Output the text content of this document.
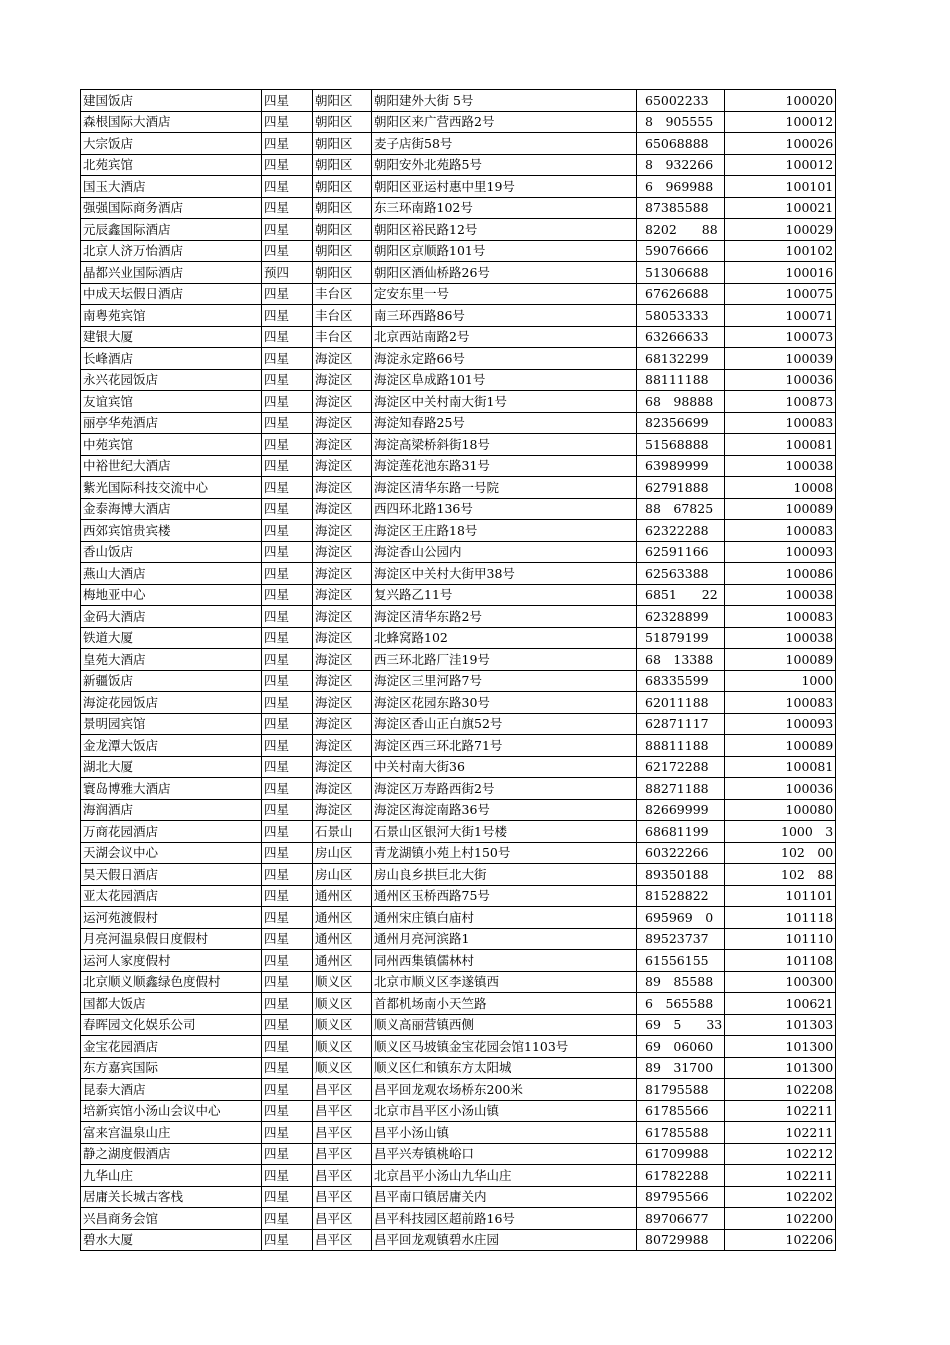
建国饭店	四星	朝阳区	朝阳建外大街 5号	65002233		100020
森根国际大酒店	四星	朝阳区	朝阳区来广营西路2号	8　905555		100012
大宗饭店	四星	朝阳区	麦子店街58号	65068888		100026
北苑宾馆	四星	朝阳区	朝阳安外北苑路5号	8　932266		100012
国玉大酒店	四星	朝阳区	朝阳区亚运村惠中里19号	6　969988		100101
强强国际商务酒店	四星	朝阳区	东三环南路102号	87385588		100021
元辰鑫国际酒店	四星	朝阳区	朝阳区裕民路12号	8202　　88		100029
北京人济万怡酒店	四星	朝阳区	朝阳区京顺路101号	59076666		100102
晶都兴业国际酒店	预四	朝阳区	朝阳区酒仙桥路26号	51306688		100016
中成天坛假日酒店	四星	丰台区	定安东里一号	67626688		100075
南粤苑宾馆	四星	丰台区	南三环西路86号	58053333		100071
建银大厦	四星	丰台区	北京西站南路2号	63266633		100073
长峰酒店	四星	海淀区	海淀永定路66号	68132299		100039
永兴花园饭店	四星	海淀区	海淀区阜成路101号	88111188		100036
友谊宾馆	四星	海淀区	海淀区中关村南大街1号	68　98888		100873
丽亭华苑酒店	四星	海淀区	海淀知春路25号	82356699		100083
中苑宾馆	四星	海淀区	海淀高梁桥斜街18号	51568888		100081
中裕世纪大酒店	四星	海淀区	海淀莲花池东路31号	63989999		100038
紫光国际科技交流中心	四星	海淀区	海淀区清华东路一号院	62791888		10008
金泰海博大酒店	四星	海淀区	西四环北路136号	88　67825		100089
西郊宾馆贵宾楼	四星	海淀区	海淀区王庄路18号	62322288		100083
香山饭店	四星	海淀区	海淀香山公园内	62591166		100093
燕山大酒店	四星	海淀区	海淀区中关村大街甲38号	62563388		100086
梅地亚中心	四星	海淀区	复兴路乙11号	6851　　22		100038
金码大酒店	四星	海淀区	海淀区清华东路2号	62328899		100083
铁道大厦	四星	海淀区	北蜂窝路102	51879199		100038
皇苑大酒店	四星	海淀区	西三环北路厂洼19号	68　13388		100089
新疆饭店	四星	海淀区	海淀区三里河路7号	68335599		1000
海淀花园饭店	四星	海淀区	海淀区花园东路30号	62011188		100083
景明园宾馆	四星	海淀区	海淀区香山正白旗52号	62871117		100093
金龙潭大饭店	四星	海淀区	海淀区西三环北路71号	88811188		100089
湖北大厦	四星	海淀区	中关村南大街36	62172288		100081
寰岛博雅大酒店	四星	海淀区	海淀区万寿路西街2号	88271188		100036
海润酒店	四星	海淀区	海淀区海淀南路36号	82669999		100080
万商花园酒店	四星	石景山	石景山区银河大街1号楼	68681199		1000　3
天湖会议中心	四星	房山区	青龙湖镇小苑上村150号	60322266		102　00
昊天假日酒店	四星	房山区	房山良乡拱巨北大街	89350188		102　88
亚太花园酒店	四星	通州区	通州区玉桥西路75号	81528822		101101
运河苑渡假村	四星	通州区	通州宋庄镇白庙村	695969　0		101118
月亮河温泉假日度假村	四星	通州区	通州月亮河滨路1	89523737		101110
运河人家度假村	四星	通州区	同州西集镇儒林村	61556155		101108
北京顺义顺鑫绿色度假村	四星	顺义区	北京市顺义区李遂镇西	89　85588		100300
国都大饭店	四星	顺义区	首都机场南小天竺路	6　565588		100621
春晖园文化娱乐公司	四星	顺义区	顺义高丽营镇西侧	69　5　　33		101303
金宝花园酒店	四星	顺义区	顺义区马坡镇金宝花园会馆1103号	69　06060		101300
东方嘉宾国际	四星	顺义区	顺义区仁和镇东方太阳城	89　31700		101300
昆泰大酒店	四星	昌平区	昌平回龙观农场桥东200米	81795588		102208
培新宾馆小汤山会议中心	四星	昌平区	北京市昌平区小汤山镇	61785566		102211
富来宫温泉山庄	四星	昌平区	昌平小汤山镇	61785588		102211
静之湖度假酒店	四星	昌平区	昌平兴寿镇桃峪口	61709988		102212
九华山庄	四星	昌平区	北京昌平小汤山九华山庄	61782288		102211
居庸关长城古客栈	四星	昌平区	昌平南口镇居庸关内	89795566		102202
兴昌商务会馆	四星	昌平区	昌平科技园区超前路16号	89706677		102200
碧水大厦	四星	昌平区	昌平回龙观镇碧水庄园	80729988		102206
